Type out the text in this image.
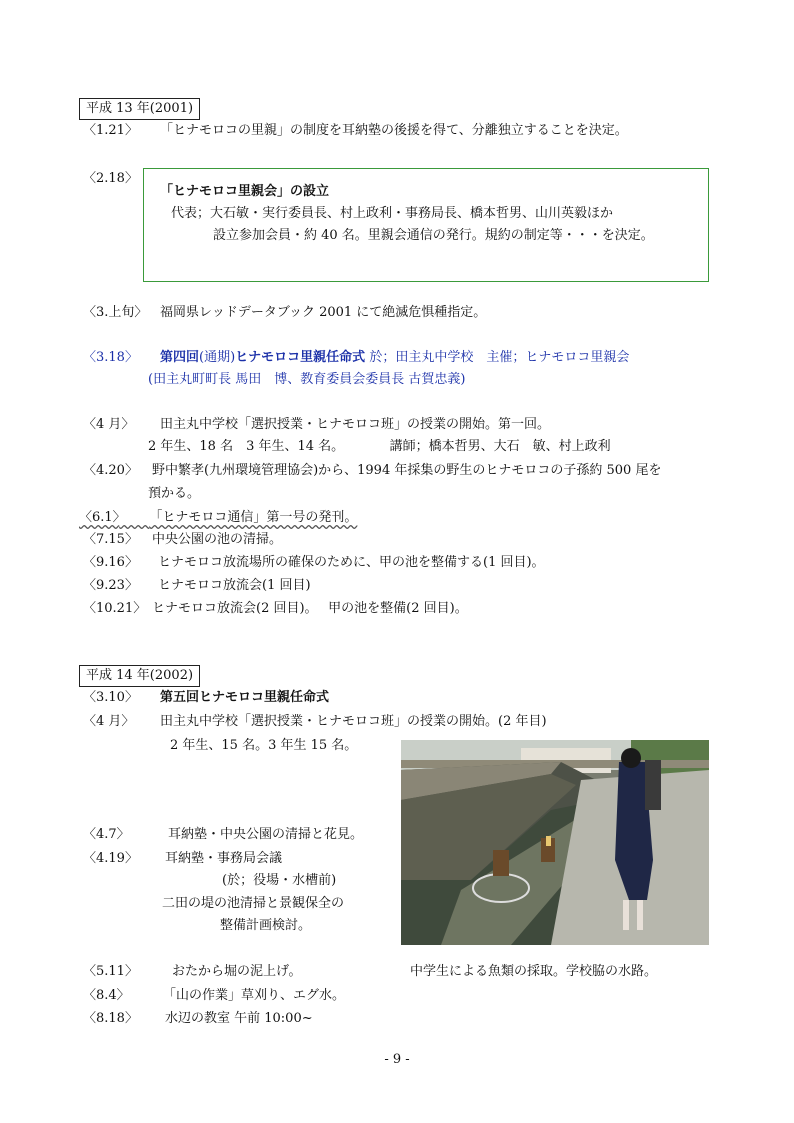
平成 13 年(2001)
〈1.21〉 「ヒナモロコの里親」の制度を耳納塾の後援を得て、分離独立することを決定。
〈2.18〉
「ヒナモロコ里親会」の設立
代表；大石敏・実行委員長、村上政利・事務局長、橋本哲男、山川英毅ほか
設立参加会員・約 40 名。里親会通信の発行。規約の制定等・・・を決定。
〈3.上旬〉 福岡県レッドデータブック 2001 にて絶滅危惧種指定。
〈3.18〉 第四回(通期)ヒナモロコ里親任命式 於；田主丸中学校　主催；ヒナモロコ里親会
(田主丸町町長 馬田　博、教育委員会委員長 古賀忠義)
〈4 月〉 田主丸中学校「選択授業・ヒナモロコ班」の授業の開始。第一回。
2 年生、18 名　3 年生、14 名。　　　　講師；橋本哲男、大石　敏、村上政利
〈4.20〉 野中繁孝(九州環境管理協会)から、1994 年採集の野生のヒナモロコの子孫約 500 尾を
預かる。
〈6.1〉　　 「ヒナモロコ通信」第一号の発刊。
〈7.15〉 中央公園の池の清掃。
〈9.16〉 ヒナモロコ放流場所の確保のために、甲の池を整備する(1 回目)。
〈9.23〉 ヒナモロコ放流会(1 回目)
〈10.21〉 ヒナモロコ放流会(2 回目)。　 甲の池を整備(2 回目)。
平成 14 年(2002)
〈3.10〉 第五回ヒナモロコ里親任命式
〈4 月〉 田主丸中学校「選択授業・ヒナモロコ班」の授業の開始。(2 年目)
2 年生、15 名。3 年生 15 名。
〈4.7〉	耳納塾・中央公園の清掃と花見。
〈4.19〉 耳納塾・事務局会議
(於；役場・水槽前)
二田の堤の池清掃と景観保全の
整備計画検討。
〈5.11〉	おたから堀の泥上げ。	中学生による魚類の採取。学校脇の水路。
〈8.4〉	「山の作業」草刈り、エグ水。
〈8.18〉 水辺の教室 午前 10:00~
- 9 -
